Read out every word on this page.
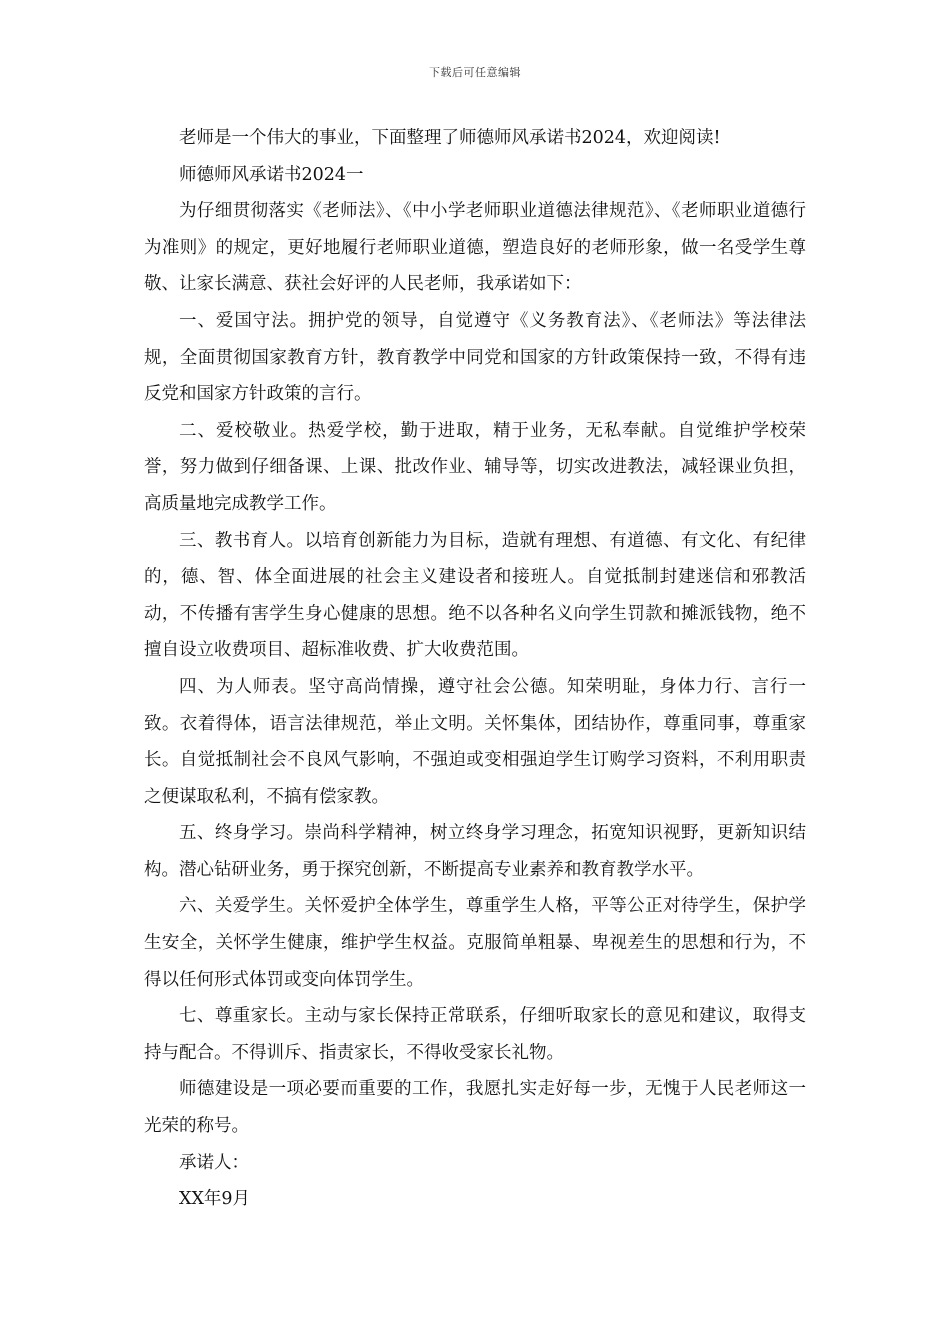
下载后可任意编辑

老师是一个伟大的事业，下面整理了师德师风承诺书2024，欢迎阅读!

师德师风承诺书2024一

为仔细贯彻落实《老师法》、《中小学老师职业道德法律规范》、《老师职业道德行为准则》的规定，更好地履行老师职业道德，塑造良好的老师形象，做一名受学生尊敬、让家长满意、获社会好评的人民老师，我承诺如下：

一、爱国守法。拥护党的领导，自觉遵守《义务教育法》、《老师法》等法律法规，全面贯彻国家教育方针，教育教学中同党和国家的方针政策保持一致，不得有违反党和国家方针政策的言行。

二、爱校敬业。热爱学校，勤于进取，精于业务，无私奉献。自觉维护学校荣誉，努力做到仔细备课、上课、批改作业、辅导等，切实改进教法，减轻课业负担，高质量地完成教学工作。

三、教书育人。以培育创新能力为目标，造就有理想、有道德、有文化、有纪律的，德、智、体全面进展的社会主义建设者和接班人。自觉抵制封建迷信和邪教活动，不传播有害学生身心健康的思想。绝不以各种名义向学生罚款和摊派钱物，绝不擅自设立收费项目、超标准收费、扩大收费范围。

四、为人师表。坚守高尚情操，遵守社会公德。知荣明耻，身体力行、言行一致。衣着得体，语言法律规范，举止文明。关怀集体，团结协作，尊重同事，尊重家长。自觉抵制社会不良风气影响，不强迫或变相强迫学生订购学习资料，不利用职责之便谋取私利，不搞有偿家教。

五、终身学习。崇尚科学精神，树立终身学习理念，拓宽知识视野，更新知识结构。潜心钻研业务，勇于探究创新，不断提高专业素养和教育教学水平。

六、关爱学生。关怀爱护全体学生，尊重学生人格，平等公正对待学生，保护学生安全，关怀学生健康，维护学生权益。克服简单粗暴、卑视差生的思想和行为，不得以任何形式体罚或变向体罚学生。

七、尊重家长。主动与家长保持正常联系，仔细听取家长的意见和建议，取得支持与配合。不得训斥、指责家长，不得收受家长礼物。

师德建设是一项必要而重要的工作，我愿扎实走好每一步，无愧于人民老师这一光荣的称号。

承诺人：

XX年9月
